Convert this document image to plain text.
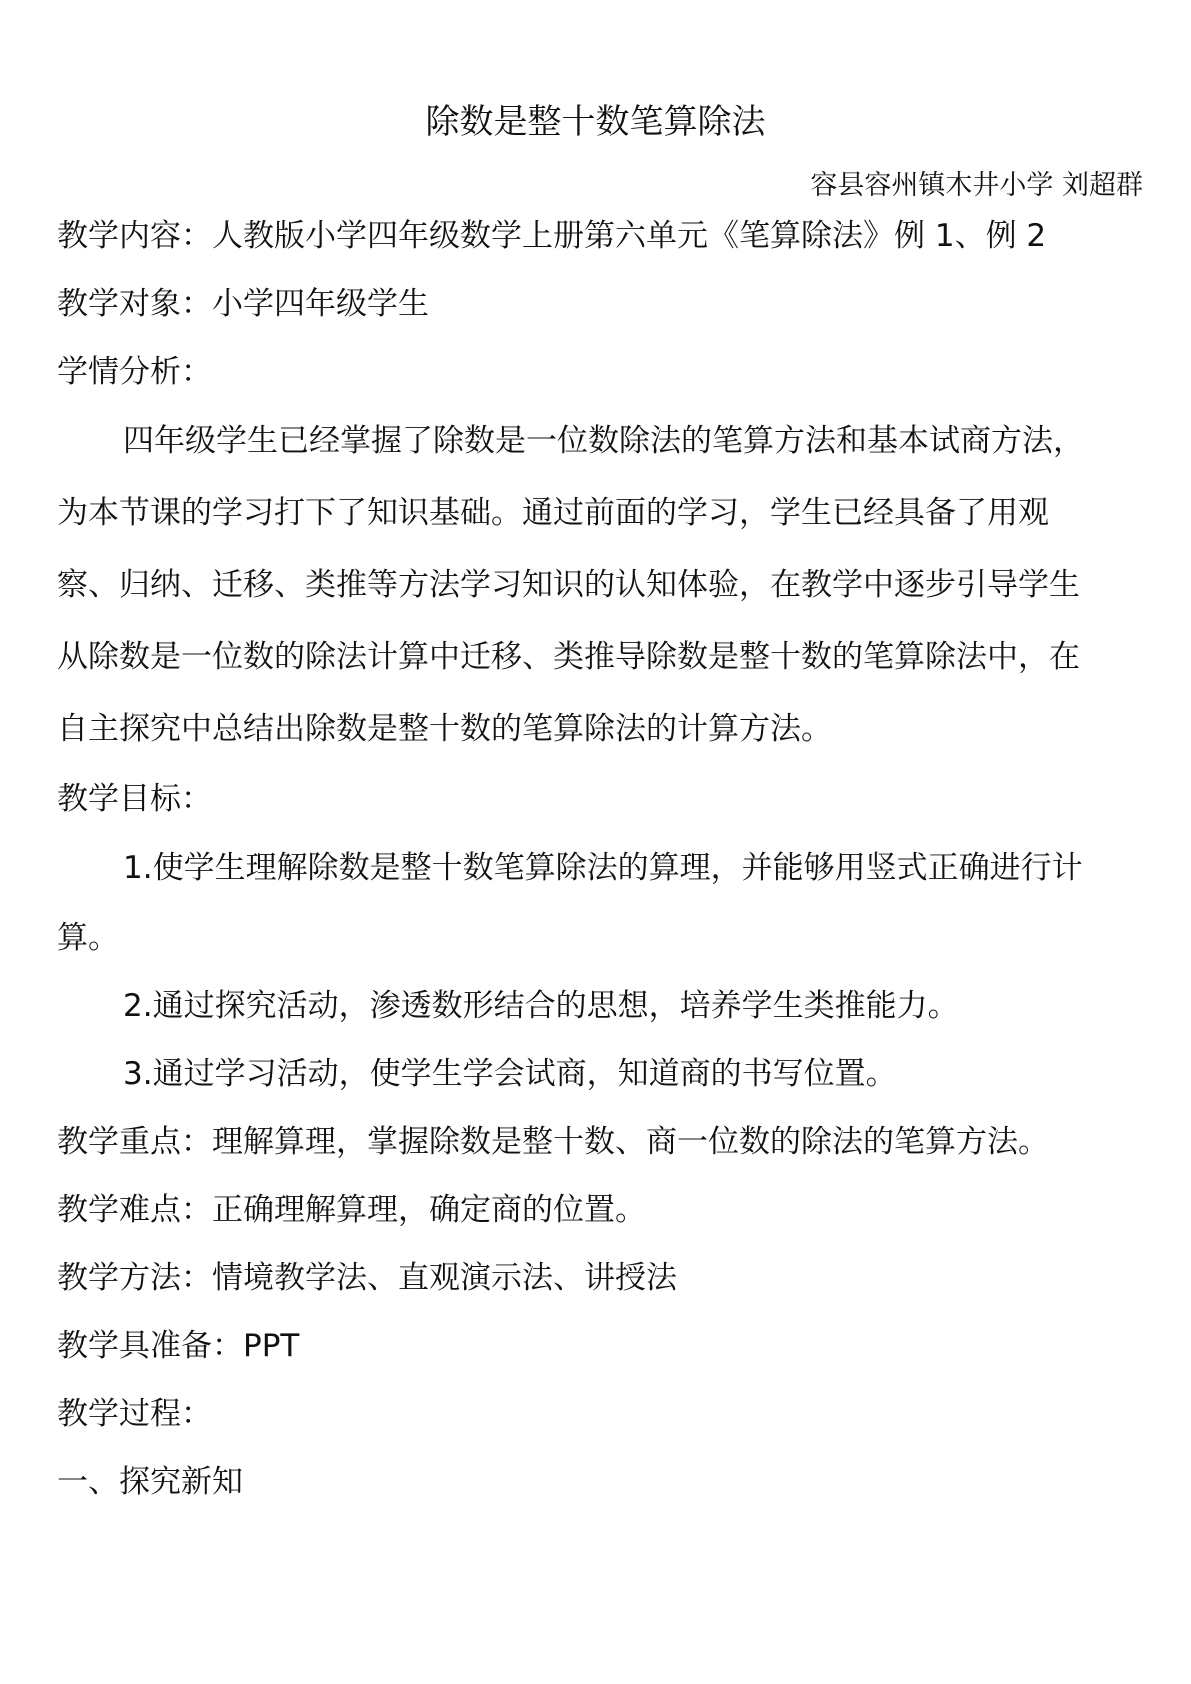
除数是整十数笔算除法
容县容州镇木井小学 刘超群
教学内容：人教版小学四年级数学上册第六单元《笔算除法》例 1、例 2
教学对象：小学四年级学生
学情分析：
四年级学生已经掌握了除数是一位数除法的笔算方法和基本试商方法，
为本节课的学习打下了知识基础。通过前面的学习，学生已经具备了用观
察、归纳、迁移、类推等方法学习知识的认知体验，在教学中逐步引导学生
从除数是一位数的除法计算中迁移、类推导除数是整十数的笔算除法中，在
自主探究中总结出除数是整十数的笔算除法的计算方法。
教学目标：
1.使学生理解除数是整十数笔算除法的算理，并能够用竖式正确进行计
算。
2.通过探究活动，渗透数形结合的思想，培养学生类推能力。
3.通过学习活动，使学生学会试商，知道商的书写位置。
教学重点：理解算理，掌握除数是整十数、商一位数的除法的笔算方法。
教学难点：正确理解算理，确定商的位置。
教学方法：情境教学法、直观演示法、讲授法
教学具准备：PPT
教学过程：
一、探究新知
